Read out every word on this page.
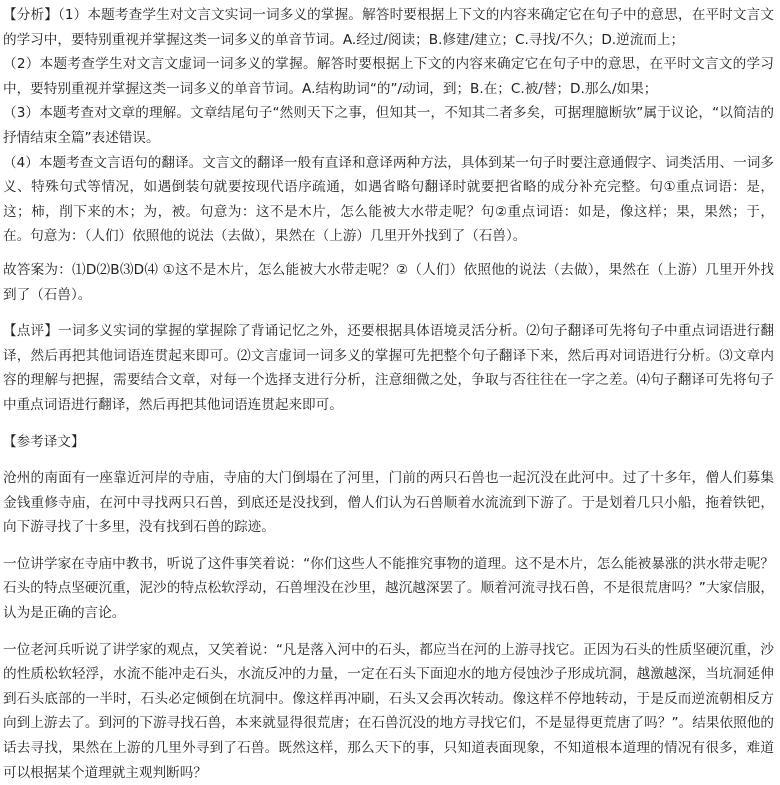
【分析】（1）本题考查学生对文言文实词一词多义的掌握。解答时要根据上下文的内容来确定它在句子中的意思，在平时文言文的学习中，要特别重视并掌握这类一词多义的单音节词。A.经过/阅读；B.修建/建立；C.寻找/不久；D.逆流而上；

（2）本题考查学生对文言文虚词一词多义的掌握。解答时要根据上下文的内容来确定它在句子中的意思，在平时文言文的学习中，要特别重视并掌握这类一词多义的单音节词。A.结构助词“的”/动词，到；B.在；C.被/替；D.那么/如果；

（3）本题考查对文章的理解。文章结尾句子“然则天下之事，但知其一，不知其二者多矣，可据理臆断欤”属于议论，“以简洁的抒情结束全篇”表述错误。

（4）本题考查文言语句的翻译。文言文的翻译一般有直译和意译两种方法，具体到某一句子时要注意通假字、词类活用、一词多义、特殊句式等情况，如遇倒装句就要按现代语序疏通，如遇省略句翻译时就要把省略的成分补充完整。句①重点词语：是，这；柿，削下来的木；为，被。句意为：这不是木片，怎么能被大水带走呢？句②重点词语：如是，像这样；果，果然；于，在。句意为：（人们）依照他的说法（去做），果然在（上游）几里开外找到了（石兽）。

故答案为：⑴D⑵B⑶D⑷ ①这不是木片，怎么能被大水带走呢？②（人们）依照他的说法（去做），果然在（上游）几里开外找到了（石兽）。

【点评】一词多义实词的掌握的掌握除了背诵记忆之外，还要根据具体语境灵活分析。⑵句子翻译可先将句子中重点词语进行翻译，然后再把其他词语连贯起来即可。⑵文言虚词一词多义的掌握可先把整个句子翻译下来，然后再对词语进行分析。⑶文章内容的理解与把握，需要结合文章，对每一个选择支进行分析，注意细微之处，争取与否往往在一字之差。⑷句子翻译可先将句子中重点词语进行翻译，然后再把其他词语连贯起来即可。

【参考译文】

沧州的南面有一座靠近河岸的寺庙，寺庙的大门倒塌在了河里，门前的两只石兽也一起沉没在此河中。过了十多年，僧人们募集金钱重修寺庙，在河中寻找两只石兽，到底还是没找到，僧人们认为石兽顺着水流流到下游了。于是划着几只小船，拖着铁钯，向下游寻找了十多里，没有找到石兽的踪迹。

一位讲学家在寺庙中教书，听说了这件事笑着说：“你们这些人不能推究事物的道理。这不是木片，怎么能被暴涨的洪水带走呢？石头的特点坚硬沉重，泥沙的特点松软浮动，石兽埋没在沙里，越沉越深罢了。顺着河流寻找石兽，不是很荒唐吗？”大家信服，认为是正确的言论。

一位老河兵听说了讲学家的观点，又笑着说：“凡是落入河中的石头，都应当在河的上游寻找它。正因为石头的性质坚硬沉重，沙的性质松软轻浮，水流不能冲走石头，水流反冲的力量，一定在石头下面迎水的地方侵蚀沙子形成坑洞，越激越深，当坑洞延伸到石头底部的一半时，石头必定倾倒在坑洞中。像这样再冲刷，石头又会再次转动。像这样不停地转动，于是反而逆流朝相反方向到上游去了。到河的下游寻找石兽，本来就显得很荒唐；在石兽沉没的地方寻找它们，不是显得更荒唐了吗？”。结果依照他的话去寻找，果然在上游的几里外寻到了石兽。既然这样，那么天下的事，只知道表面现象，不知道根本道理的情况有很多，难道可以根据某个道理就主观判断吗？
